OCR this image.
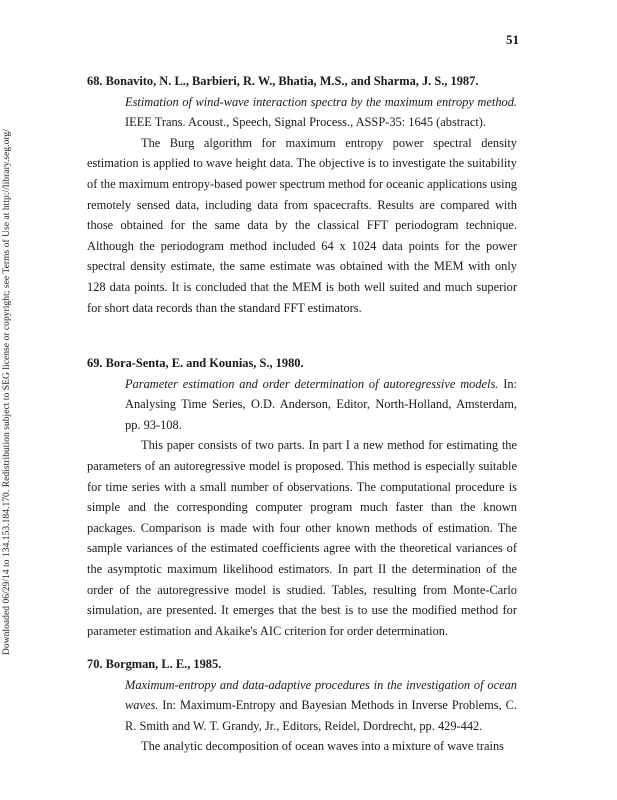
Downloaded 06/29/14 to 134.153.184.170. Redistribution subject to SEG license or copyright; see Terms of Use at http://library.seg.org/
51

68. Bonavito, N. L., Barbieri, R. W., Bhatia, M.S., and Sharma, J. S., 1987.

Estimation of wind-wave interaction spectra by the maximum entropy method. IEEE Trans. Acoust., Speech, Signal Process., ASSP-35: 1645 (abstract).

The Burg algorithm for maximum entropy power spectral density estimation is applied to wave height data. The objective is to investigate the suitability of the maximum entropy-based power spectrum method for oceanic applications using remotely sensed data, including data from spacecrafts. Results are compared with those obtained for the same data by the classical FFT periodogram technique. Although the periodogram method included 64 x 1024 data points for the power spectral density estimate, the same estimate was obtained with the MEM with only 128 data points. It is concluded that the MEM is both well suited and much superior for short data records than the standard FFT estimators.

69. Bora-Senta, E. and Kounias, S., 1980.

Parameter estimation and order determination of autoregressive models. In: Analysing Time Series, O.D. Anderson, Editor, North-Holland, Amsterdam, pp. 93-108.

This paper consists of two parts. In part I a new method for estimating the parameters of an autoregressive model is proposed. This method is especially suitable for time series with a small number of observations. The computational procedure is simple and the corresponding computer program much faster than the known packages. Comparison is made with four other known methods of estimation. The sample variances of the estimated coefficients agree with the theoretical variances of the asymptotic maximum likelihood estimators. In part II the determination of the order of the autoregressive model is studied. Tables, resulting from Monte-Carlo simulation, are presented. It emerges that the best is to use the modified method for parameter estimation and Akaike's AIC criterion for order determination.

70. Borgman, L. E., 1985.

Maximum-entropy and data-adaptive procedures in the investigation of ocean waves. In: Maximum-Entropy and Bayesian Methods in Inverse Problems, C. R. Smith and W. T. Grandy, Jr., Editors, Reidel, Dordrecht, pp. 429-442.

The analytic decomposition of ocean waves into a mixture of wave trains
